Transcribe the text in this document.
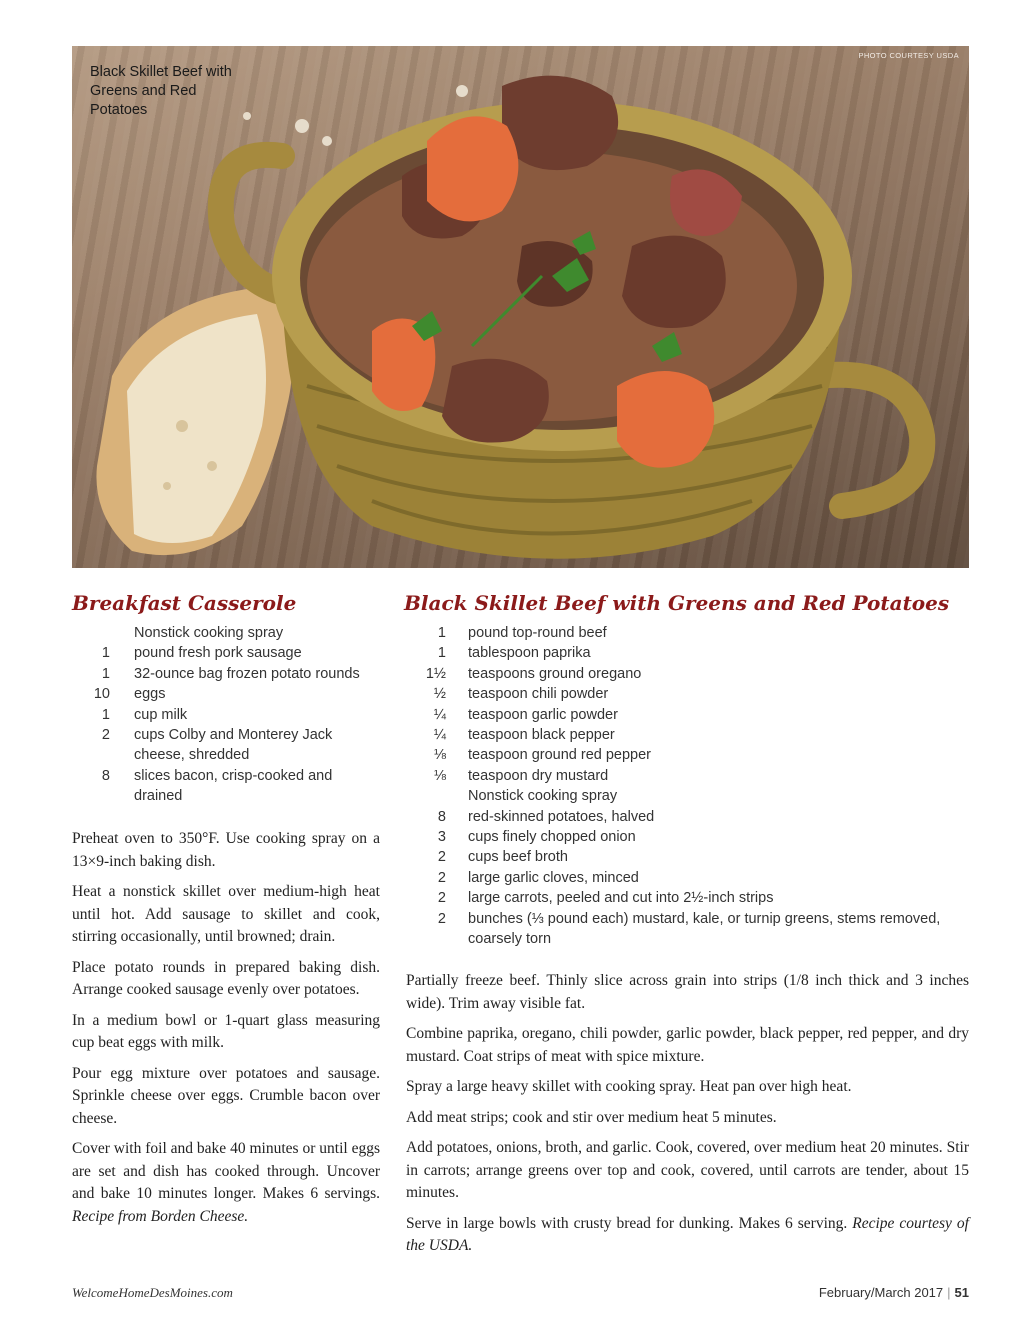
Black Skillet Beef with Greens and Red Potatoes
PHOTO COURTESY USDA
Breakfast Casserole
Nonstick cooking spray
1	pound fresh pork sausage
1	32-ounce bag frozen potato rounds
10	eggs
1	cup milk
2	cups Colby and Monterey Jack cheese, shredded
8	slices bacon, crisp-cooked and drained

Preheat oven to 350°F. Use cooking spray on a 13×9-inch baking dish.

Heat a nonstick skillet over medium-high heat until hot. Add sausage to skillet and cook, stirring occasionally, until browned; drain.

Place potato rounds in prepared baking dish. Arrange cooked sausage evenly over potatoes.

In a medium bowl or 1-quart glass measuring cup beat eggs with milk.

Pour egg mixture over potatoes and sausage. Sprinkle cheese over eggs. Crumble bacon over cheese.

Cover with foil and bake 40 minutes or until eggs are set and dish has cooked through. Uncover and bake 10 minutes longer. Makes 6 servings. Recipe from Borden Cheese.

Black Skillet Beef with Greens and Red Potatoes
1	pound top-round beef
1	tablespoon paprika
1½	teaspoons ground oregano
½	teaspoon chili powder
¼	teaspoon garlic powder
¼	teaspoon black pepper
⅛	teaspoon ground red pepper
⅛	teaspoon dry mustard
Nonstick cooking spray
8	red-skinned potatoes, halved
3	cups finely chopped onion
2	cups beef broth
2	large garlic cloves, minced
2	large carrots, peeled and cut into 2½-inch strips
2	bunches (⅓ pound each) mustard, kale, or turnip greens, stems removed, coarsely torn

Partially freeze beef. Thinly slice across grain into strips (1/8 inch thick and 3 inches wide). Trim away visible fat.

Combine paprika, oregano, chili powder, garlic powder, black pepper, red pepper, and dry mustard. Coat strips of meat with spice mixture.

Spray a large heavy skillet with cooking spray. Heat pan over high heat.

Add meat strips; cook and stir over medium heat 5 minutes.

Add potatoes, onions, broth, and garlic. Cook, covered, over medium heat 20 minutes. Stir in carrots; arrange greens over top and cook, covered, until carrots are tender, about 15 minutes.

Serve in large bowls with crusty bread for dunking. Makes 6 serving. Recipe courtesy of the USDA.

WelcomeHomeDesMoines.com	February/March 2017 | 51
